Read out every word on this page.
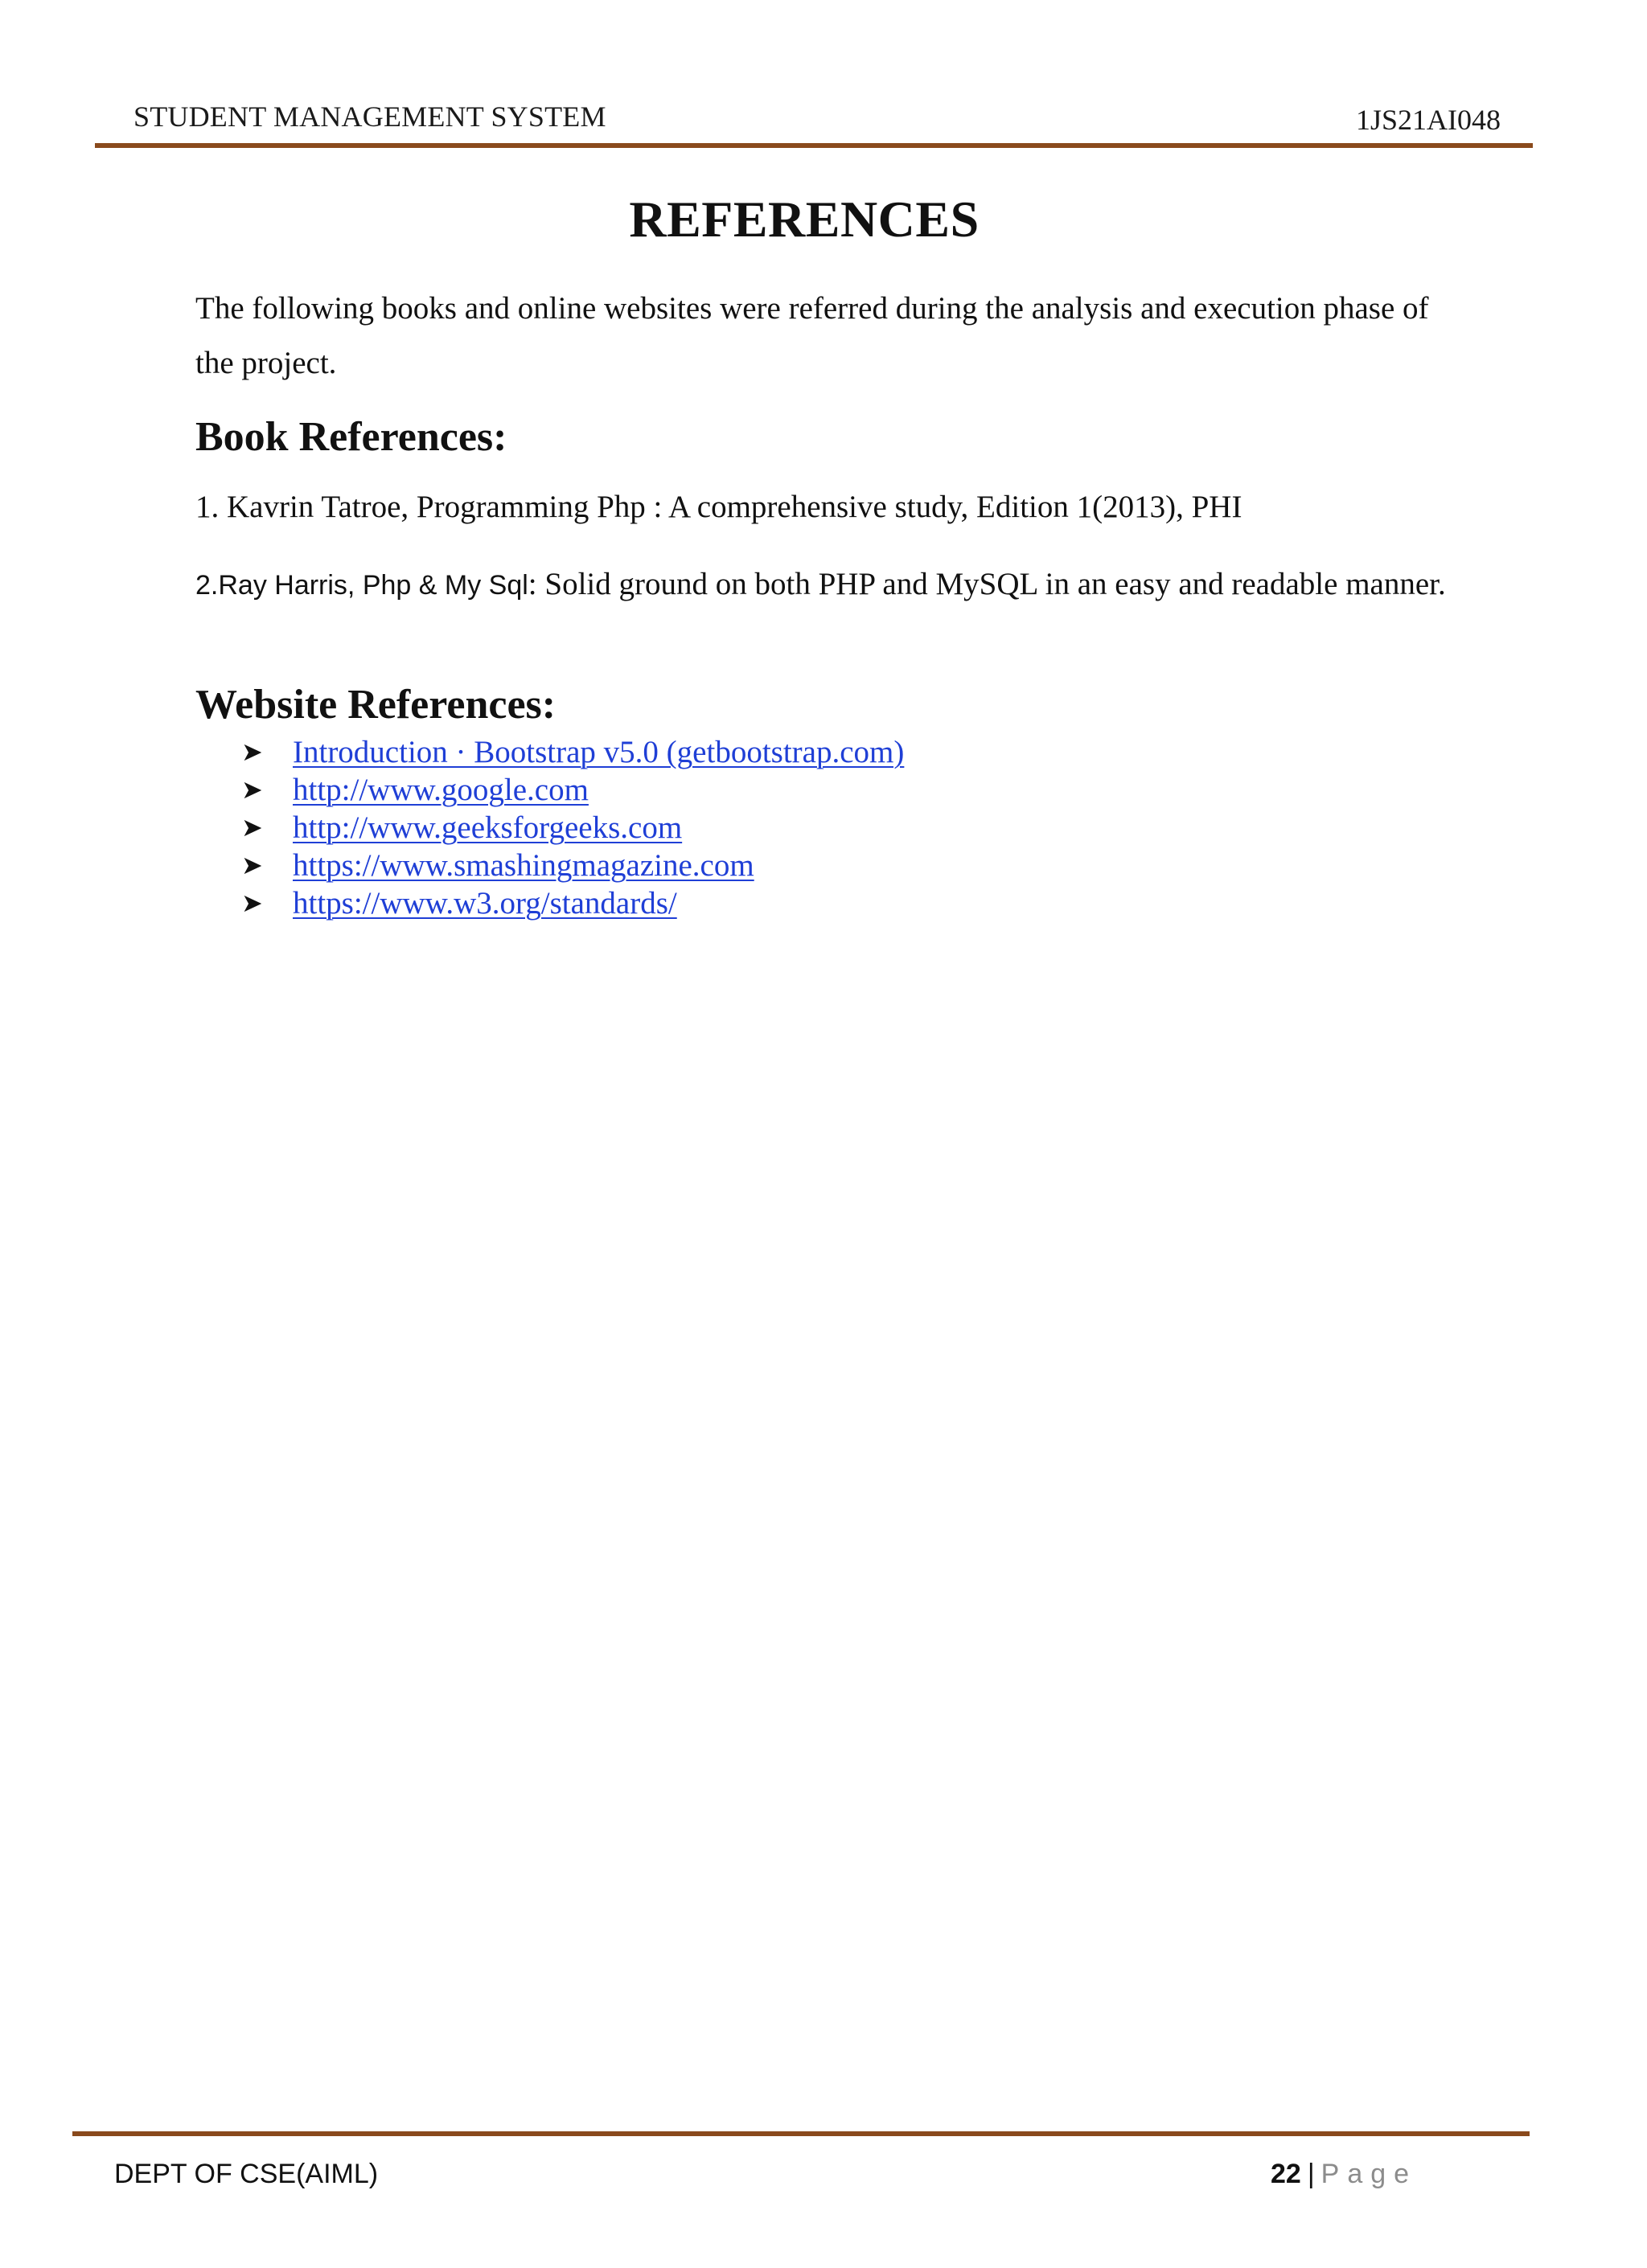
STUDENT MANAGEMENT SYSTEM	1JS21AI048
REFERENCES
The following books and online websites were referred during the analysis and execution phase of the project.
Book References:
1. Kavrin Tatroe, Programming Php : A comprehensive study, Edition 1(2013), PHI
2.Ray Harris, Php & My Sql: Solid ground on both PHP and MySQL in an easy and readable manner.
Website References:
➤ Introduction · Bootstrap v5.0 (getbootstrap.com)
➤ http://www.google.com
➤ http://www.geeksforgeeks.com
➤ https://www.smashingmagazine.com
➤ https://www.w3.org/standards/
DEPT OF CSE(AIML)	22 | Page
